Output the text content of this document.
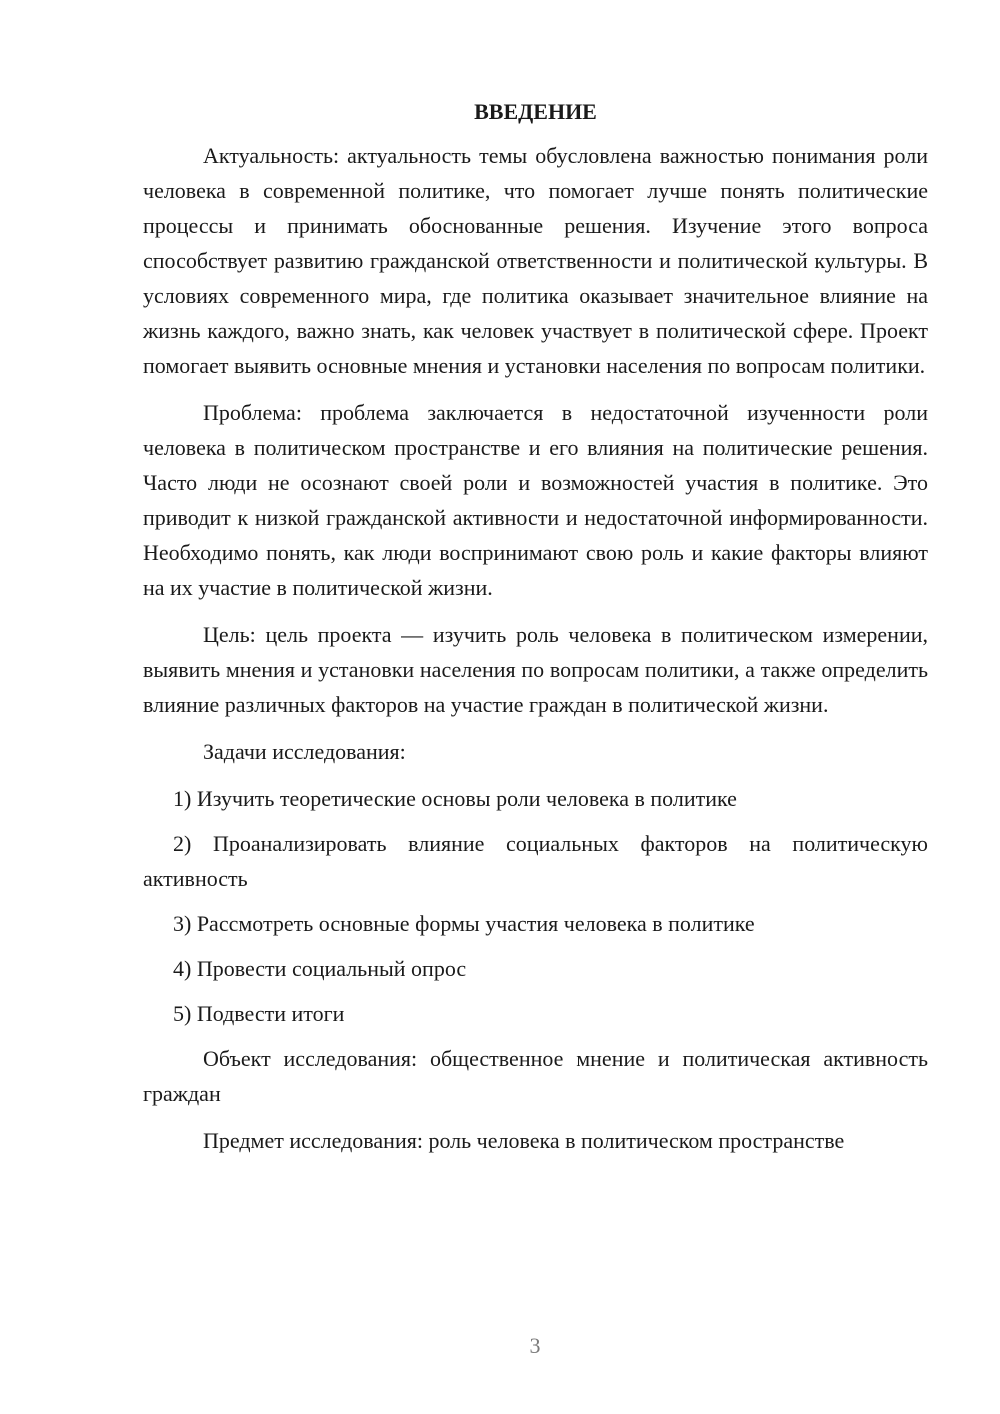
ВВЕДЕНИЕ

Актуальность: актуальность темы обусловлена важностью понимания роли человека в современной политике, что помогает лучше понять политические процессы и принимать обоснованные решения. Изучение этого вопроса способствует развитию гражданской ответственности и политической культуры. В условиях современного мира, где политика оказывает значительное влияние на жизнь каждого, важно знать, как человек участвует в политической сфере. Проект помогает выявить основные мнения и установки населения по вопросам политики.

Проблема: проблема заключается в недостаточной изученности роли человека в политическом пространстве и его влияния на политические решения. Часто люди не осознают своей роли и возможностей участия в политике. Это приводит к низкой гражданской активности и недостаточной информированности. Необходимо понять, как люди воспринимают свою роль и какие факторы влияют на их участие в политической жизни.

Цель: цель проекта — изучить роль человека в политическом измерении, выявить мнения и установки населения по вопросам политики, а также определить влияние различных факторов на участие граждан в политической жизни.

Задачи исследования:

1) Изучить теоретические основы роли человека в политике

2) Проанализировать влияние социальных факторов на политическую активность

3) Рассмотреть основные формы участия человека в политике

4) Провести социальный опрос

5) Подвести итоги

Объект исследования: общественное мнение и политическая активность граждан

Предмет исследования: роль человека в политическом пространстве

3
